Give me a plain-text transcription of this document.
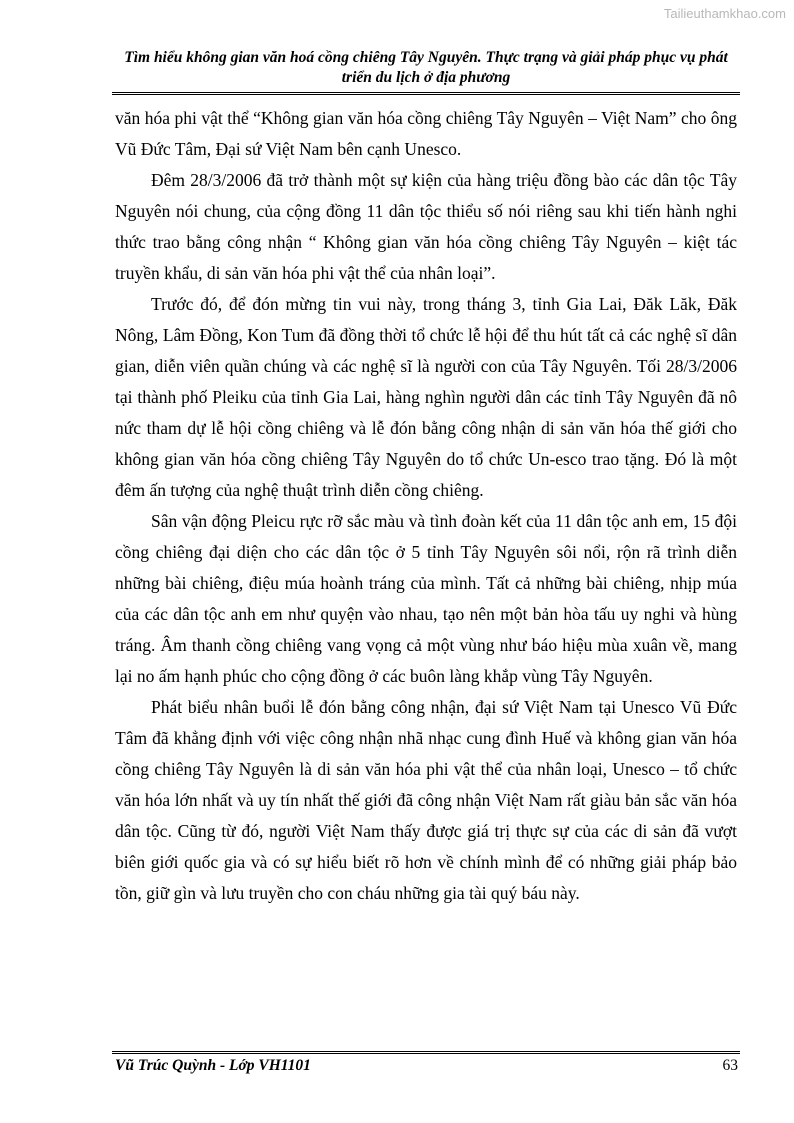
Tailieuthamkhao.com
Tìm hiểu không gian văn hoá cồng chiêng Tây Nguyên. Thực trạng và giải pháp phục vụ phát triển du lịch ở địa phương

văn hóa phi vật thể “Không gian văn hóa cồng chiêng Tây Nguyên – Việt Nam” cho ông Vũ Đức Tâm, Đại sứ Việt Nam bên cạnh Unesco.

Đêm 28/3/2006 đã trở thành một sự kiện của hàng triệu đồng bào các dân tộc Tây Nguyên nói chung, của cộng đồng 11 dân tộc thiểu số nói riêng sau khi tiến hành nghi thức trao bằng công nhận “ Không gian văn hóa cồng chiêng Tây Nguyên – kiệt tác truyền khẩu, di sản văn hóa phi vật thể của nhân loại”.

Trước đó, để đón mừng tin vui này, trong tháng 3, tỉnh Gia Lai, Đăk Lăk, Đăk Nông, Lâm Đồng, Kon Tum đã đồng thời tổ chức lễ hội để thu hút tất cả các nghệ sĩ dân gian, diễn viên quần chúng và các nghệ sĩ là người con của Tây Nguyên. Tối 28/3/2006 tại thành phố Pleiku của tỉnh Gia Lai, hàng nghìn người dân các tỉnh Tây Nguyên đã nô nức tham dự lễ hội cồng chiêng và lễ đón bằng công nhận di sản văn hóa thế giới cho không gian văn hóa cồng chiêng Tây Nguyên do tổ chức Un-esco trao tặng. Đó là một đêm ấn tượng của nghệ thuật trình diễn cồng chiêng.

Sân vận động Pleicu rực rỡ sắc màu và tình đoàn kết của 11 dân tộc anh em, 15 đội cồng chiêng đại diện cho các dân tộc ở 5 tỉnh Tây Nguyên sôi nổi, rộn rã trình diễn những bài chiêng, điệu múa hoành tráng của mình. Tất cả những bài chiêng, nhịp múa của các dân tộc anh em như quyện vào nhau, tạo nên một bản hòa tấu uy nghi và hùng tráng. Âm thanh cồng chiêng vang vọng cả một vùng như báo hiệu mùa xuân về, mang lại no ấm hạnh phúc cho cộng đồng ở các buôn làng khắp vùng Tây Nguyên.

Phát biểu nhân buổi lễ đón bằng công nhận, đại sứ Việt Nam tại Unesco Vũ Đức Tâm đã khẳng định với việc công nhận nhã nhạc cung đình Huế và không gian văn hóa cồng chiêng Tây Nguyên là di sản văn hóa phi vật thể của nhân loại, Unesco – tổ chức văn hóa lớn nhất và uy tín nhất thế giới đã công nhận Việt Nam rất giàu bản sắc văn hóa dân tộc. Cũng từ đó, người Việt Nam thấy được giá trị thực sự của các di sản đã vượt biên giới quốc gia và có sự hiểu biết rõ hơn về chính mình để có những giải pháp bảo tồn, giữ gìn và lưu truyền cho con cháu những gia tài quý báu này.

Vũ Trúc Quỳnh - Lớp VH1101	63
